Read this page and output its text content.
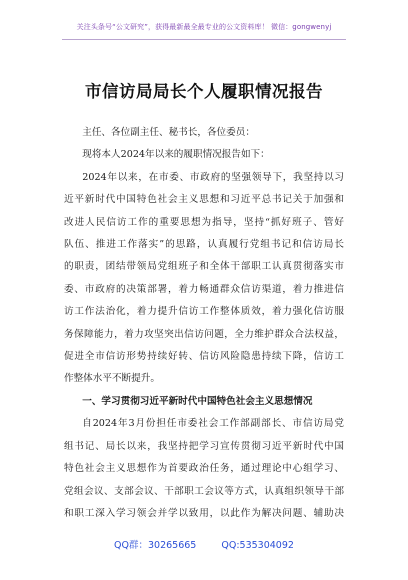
关注头条号“公文研究”，获得最新最全最专业的公文资料库！ 微信：gongwenyj
市信访局局长个人履职情况报告

主任、各位副主任、秘书长，各位委员：

现将本人2024年以来的履职情况报告如下：

2024年以来，在市委、市政府的坚强领导下，我坚持以习

近平新时代中国特色社会主义思想和习近平总书记关于加强和

改进人民信访工作的重要思想为指导，坚持“抓好班子、管好

队伍、推进工作落实”的思路，认真履行党组书记和信访局长

的职责，团结带领局党组班子和全体干部职工认真贯彻落实市

委、市政府的决策部署，着力畅通群众信访渠道，着力推进信

访工作法治化，着力提升信访工作整体质效，着力强化信访服

务保障能力，着力攻坚突出信访问题，全力维护群众合法权益，

促进全市信访形势持续好转、信访风险隐患持续下降，信访工

作整体水平不断提升。

一、学习贯彻习近平新时代中国特色社会主义思想情况

自2024年3月份担任市委社会工作部副部长、市信访局党

组书记、局长以来，我坚持把学习宣传贯彻习近平新时代中国

特色社会主义思想作为首要政治任务，通过理论中心组学习、

党组会议、支部会议、干部职工会议等方式，认真组织领导干部

和职工深入学习领会并学以致用，以此作为解决问题、辅助决

QQ群：30265665	QQ:535304092
